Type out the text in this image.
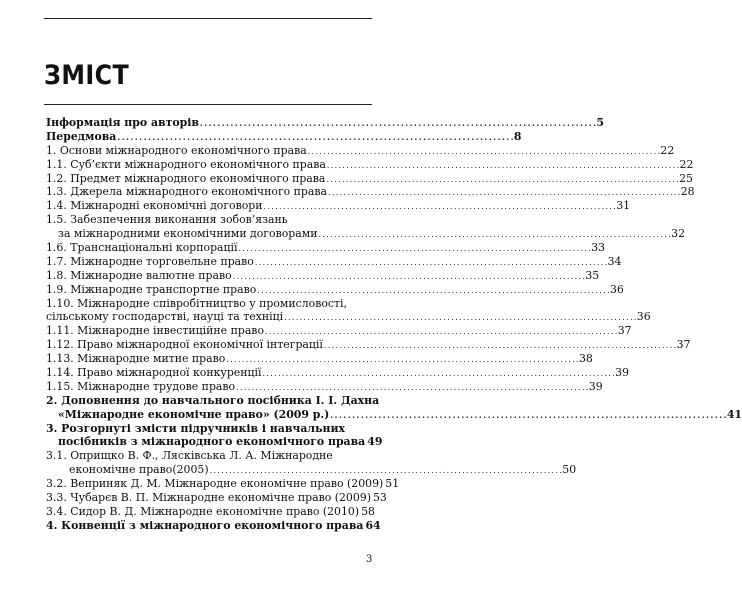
ЗМІСТ
Інформація про авторів . . .	5
Передмова . . .	8
1. Основи міжнародного економічного права . . .	22
1.1. Суб’єкти міжнародного економічного права . . .	22
1.2. Предмет міжнародного економічного права . . .	25
1.3. Джерела міжнародного економічного права . . .	28
1.4. Міжнародні економічні договори . . .	31
1.5. Забезпечення виконання зобов’язань
за міжнародними економічними договорами . . .	32
1.6. Транснаціональні корпорації . . .	33
1.7. Міжнародне торговельне право . . .	34
1.8. Міжнародне валютне право . . .	35
1.9. Міжнародне транспортне право . . .	36
1.10. Міжнародне співробітництво у промисловості,
сільському господарстві, науці та техніці . . .	36
1.11. Міжнародне інвестиційне право . . .	37
1.12. Право міжнародної економічної інтеграції . . .	37
1.13. Міжнародне митне право . . .	38
1.14. Право міжнародної конкуренції . . .	39
1.15. Міжнародне трудове право . . .	39
2. Доповнення до навчального посібника І. І. Дахна
«Міжнародне економічне право» (2009 р.) . . .	41
3. Розгорнуті змісти підручників і навчальних
посібників з міжнародного економічного права 49
3.1. Оприщко В. Ф., Лясківська Л. А. Міжнародне
економічне право(2005) . . .	50
3.2. Веприняк Д. М. Міжнародне економічне право (2009) 51
3.3. Чубарєв В. П. Міжнародне економічне право (2009) 53
3.4. Сидор В. Д. Міжнародне економічне право (2010) 58
4. Конвенції з міжнародного економічного права 64
3
